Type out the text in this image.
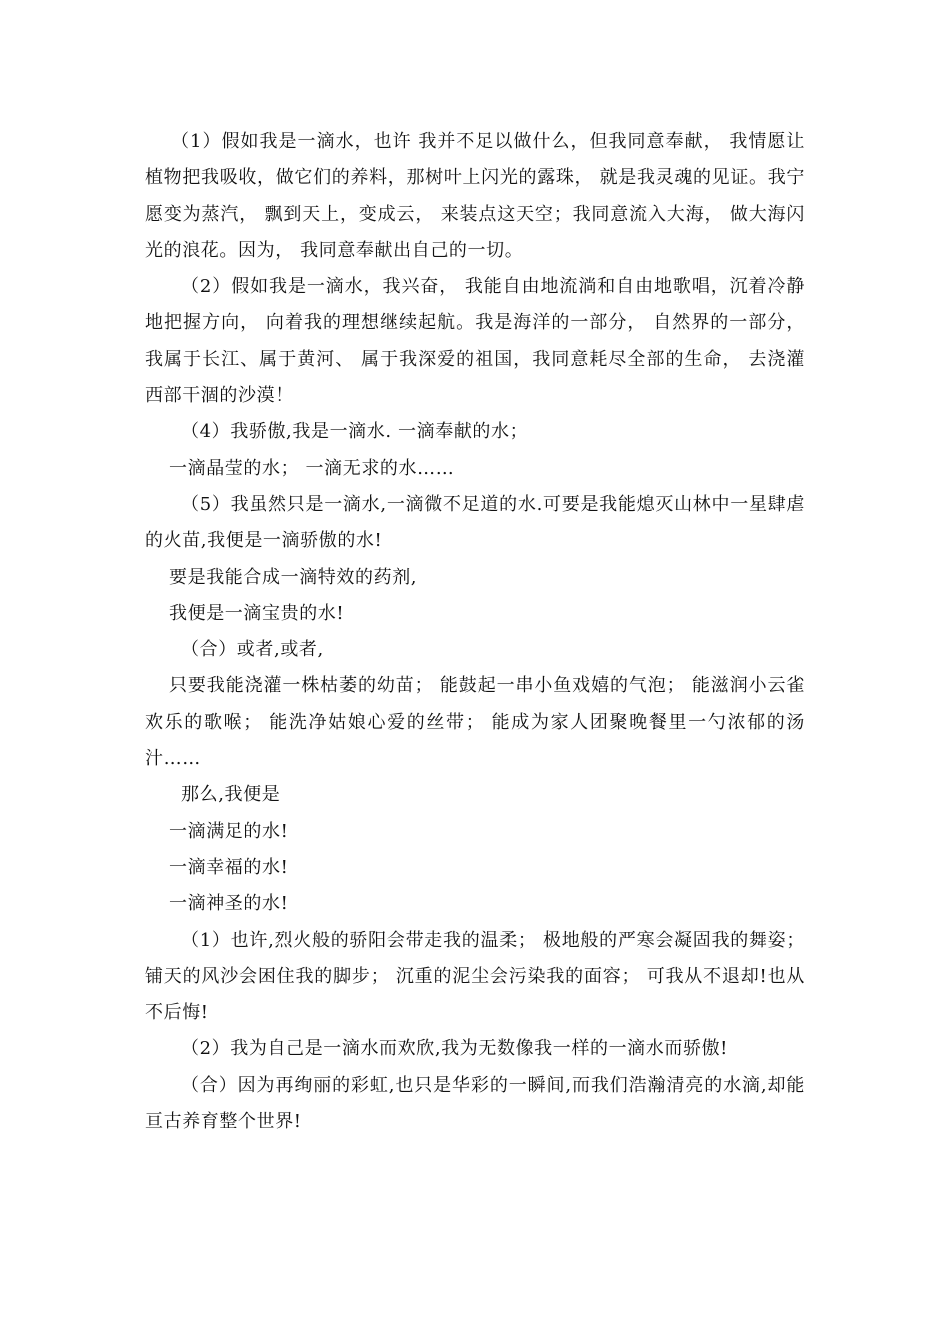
（1）假如我是一滴水，也许 我并不足以做什么，但我同意奉献， 我情愿让植物把我吸收，做它们的养料，那树叶上闪光的露珠， 就是我灵魂的见证。我宁愿变为蒸汽， 飘到天上，变成云， 来装点这天空；我同意流入大海， 做大海闪光的浪花。因为， 我同意奉献出自己的一切。

（2）假如我是一滴水，我兴奋， 我能自由地流淌和自由地歌唱，沉着冷静地把握方向， 向着我的理想继续起航。我是海洋的一部分， 自然界的一部分，我属于长江、属于黄河、 属于我深爱的祖国，我同意耗尽全部的生命， 去浇灌西部干涸的沙漠！

（4）我骄傲,我是一滴水. 一滴奉献的水；

一滴晶莹的水； 一滴无求的水……

（5）我虽然只是一滴水,一滴微不足道的水.可要是我能熄灭山林中一星肆虐的火苗,我便是一滴骄傲的水!

要是我能合成一滴特效的药剂,

我便是一滴宝贵的水!

（合）或者,或者,

只要我能浇灌一株枯萎的幼苗； 能鼓起一串小鱼戏嬉的气泡； 能滋润小云雀欢乐的歌喉； 能洗净姑娘心爱的丝带； 能成为家人团聚晚餐里一勺浓郁的汤汁……

那么,我便是

一滴满足的水!

一滴幸福的水!

一滴神圣的水!

（1）也许,烈火般的骄阳会带走我的温柔； 极地般的严寒会凝固我的舞姿； 铺天的风沙会困住我的脚步； 沉重的泥尘会污染我的面容； 可我从不退却!也从不后悔!

（2）我为自己是一滴水而欢欣,我为无数像我一样的一滴水而骄傲!

（合）因为再绚丽的彩虹,也只是华彩的一瞬间,而我们浩瀚清亮的水滴,却能亘古养育整个世界!
